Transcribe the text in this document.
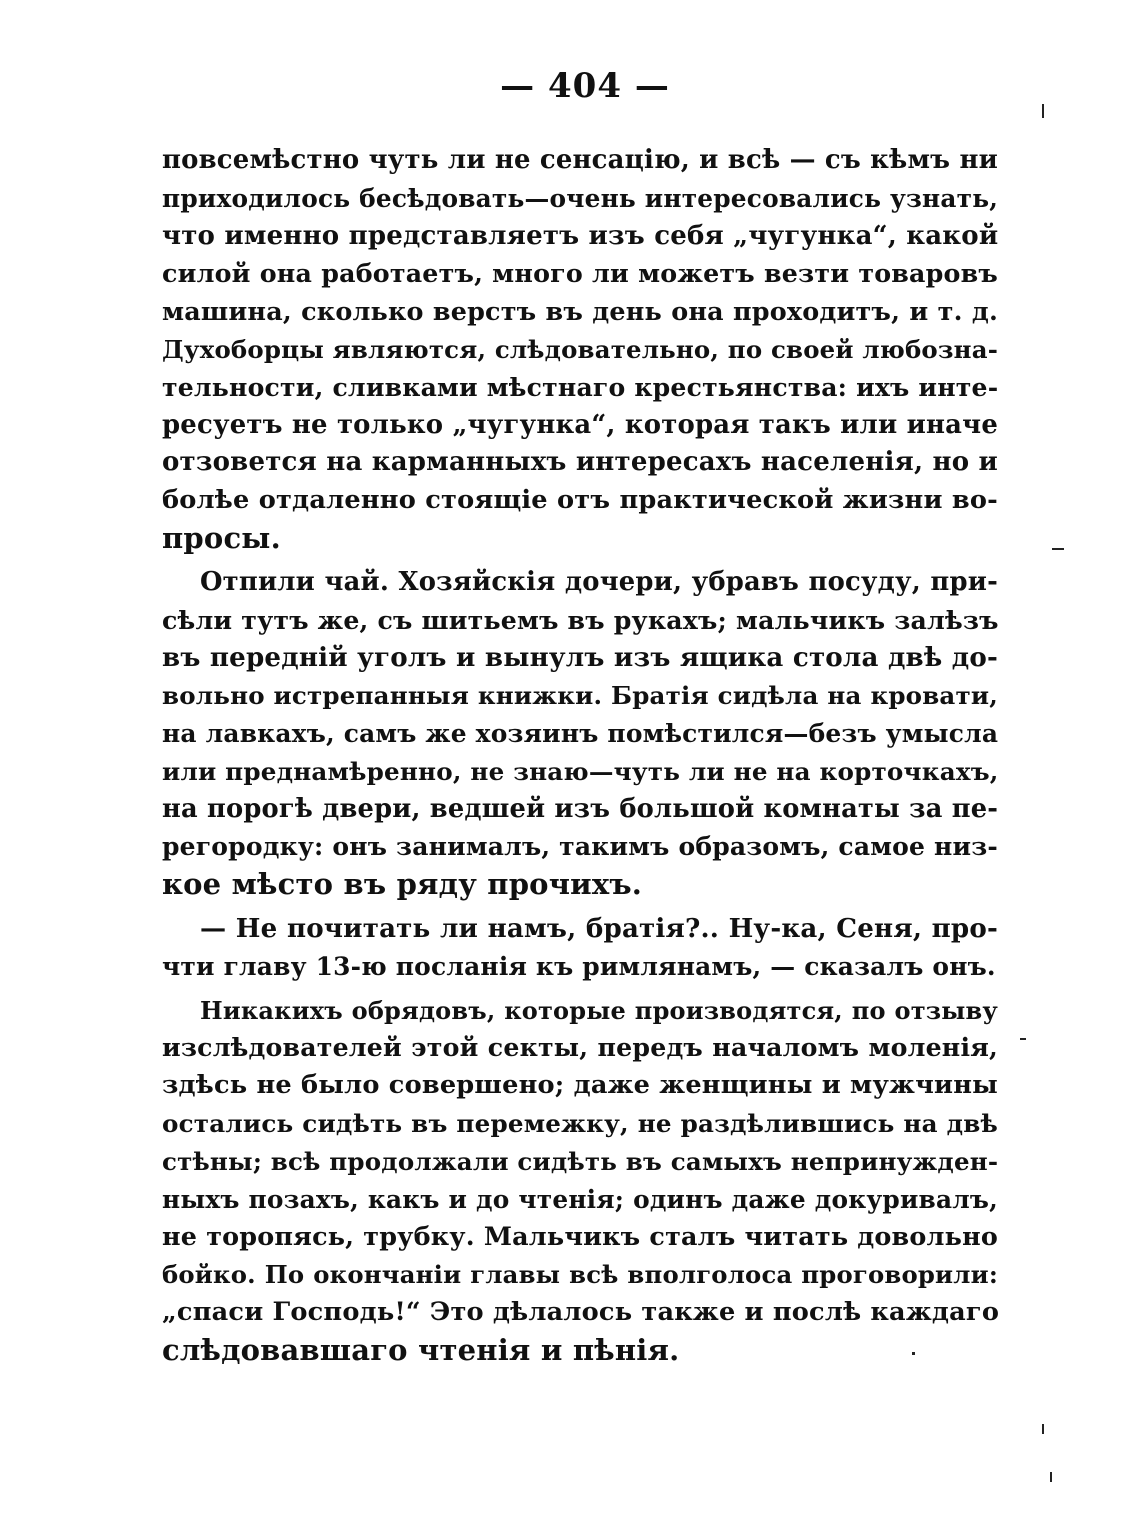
— 404 —
повсемѣстно чуть ли не сенсацію, и всѣ — съ кѣмъ ни
приходилось бесѣдовать—очень интересовались узнать,
что именно представляетъ изъ себя „чугунка“, какой
силой она работаетъ, много ли можетъ везти товаровъ
машина, сколько верстъ въ день она проходитъ, и т. д.
Духоборцы являются, слѣдовательно, по своей любозна-
тельности, сливками мѣстнаго крестьянства: ихъ инте-
ресуетъ не только „чугунка“, которая такъ или иначе
отзовется на карманныхъ интересахъ населенія, но и
болѣе отдаленно стоящіе отъ практической жизни во-
просы.
Отпили чай. Хозяйскія дочери, убравъ посуду, при-
сѣли тутъ же, съ шитьемъ въ рукахъ; мальчикъ залѣзъ
въ передній уголъ и вынулъ изъ ящика стола двѣ до-
вольно истрепанныя книжки. Братія сидѣла на кровати,
на лавкахъ, самъ же хозяинъ помѣстился—безъ умысла
или преднамѣренно, не знаю—чуть ли не на корточкахъ,
на порогѣ двери, ведшей изъ большой комнаты за пе-
регородку: онъ занималъ, такимъ образомъ, самое низ-
кое мѣсто въ ряду прочихъ.
— Не почитать ли намъ, братія?.. Ну-ка, Сеня, про-
чти главу 13-ю посланія къ римлянамъ, — сказалъ онъ.
Никакихъ обрядовъ, которые производятся, по отзыву
изслѣдователей этой секты, передъ началомъ моленія,
здѣсь не было совершено; даже женщины и мужчины
остались сидѣть въ перемежку, не раздѣлившись на двѣ
стѣны; всѣ продолжали сидѣть въ самыхъ непринужден-
ныхъ позахъ, какъ и до чтенія; одинъ даже докуривалъ,
не торопясь, трубку. Мальчикъ сталъ читать довольно
бойко. По окончаніи главы всѣ вполголоса проговорили:
„спаси Господь!“ Это дѣлалось также и послѣ каждаго
слѣдовавшаго чтенія и пѣнія.
